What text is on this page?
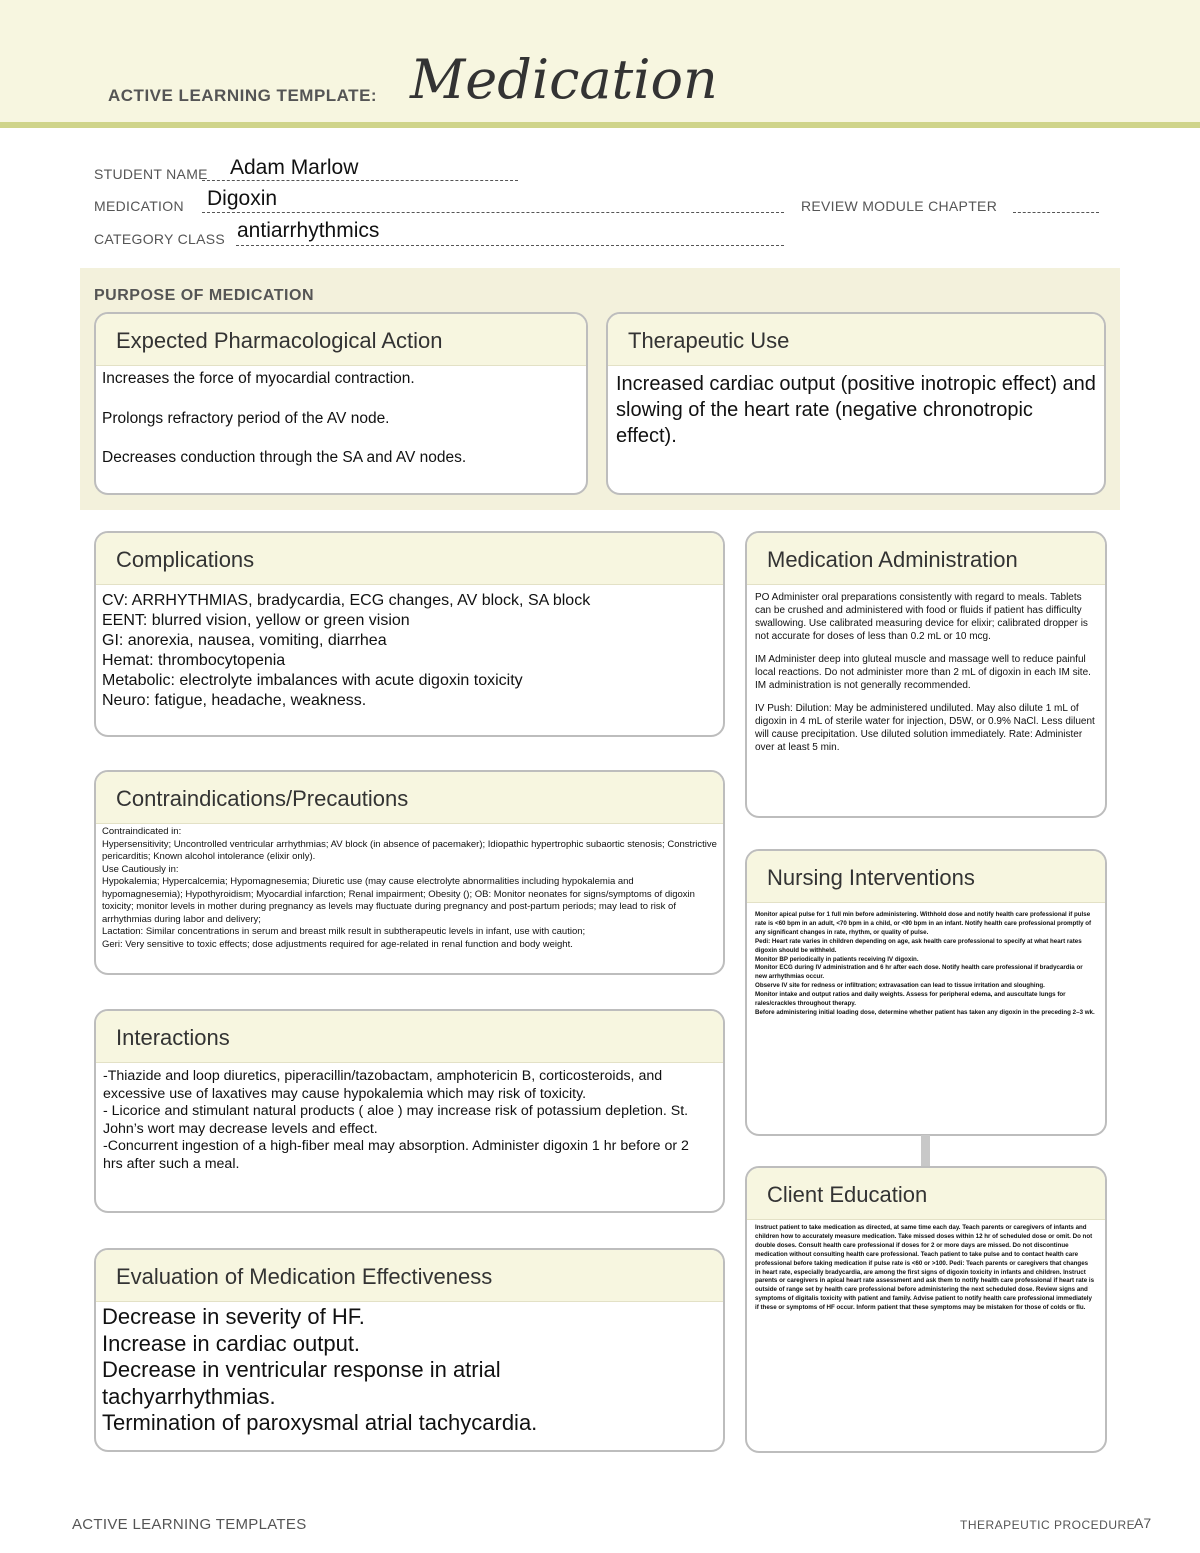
ACTIVE LEARNING TEMPLATE: Medication
STUDENT NAME Adam Marlow
MEDICATION Digoxin	REVIEW MODULE CHAPTER
CATEGORY CLASS antiarrhythmics
PURPOSE OF MEDICATION
Expected Pharmacological Action

Increases the force of myocardial contraction.

Prolongs refractory period of the AV node.

Decreases conduction through the SA and AV nodes.

Therapeutic Use
Increased cardiac output (positive inotropic effect) and slowing of the heart rate (negative chronotropic effect).
Complications
CV: ARRHYTHMIAS, bradycardia, ECG changes, AV block, SA block
EENT: blurred vision, yellow or green vision
GI: anorexia, nausea, vomiting, diarrhea
Hemat: thrombocytopenia
Metabolic: electrolyte imbalances with acute digoxin toxicity
Neuro: fatigue, headache, weakness.
Medication Administration

PO Administer oral preparations consistently with regard to meals. Tablets can be crushed and administered with food or fluids if patient has difficulty swallowing. Use calibrated measuring device for elixir; calibrated dropper is not accurate for doses of less than 0.2 mL or 10 mcg.

IM Administer deep into gluteal muscle and massage well to reduce painful local reactions. Do not administer more than 2 mL of digoxin in each IM site. IM administration is not generally recommended.

IV Push: Dilution: May be administered undiluted. May also dilute 1 mL of digoxin in 4 mL of sterile water for injection, D5W, or 0.9% NaCl. Less diluent will cause precipitation. Use diluted solution immediately. Rate: Administer over at least 5 min.

Contraindications/Precautions
Contraindicated in:
Hypersensitivity; Uncontrolled ventricular arrhythmias; AV block (in absence of pacemaker); Idiopathic hypertrophic subaortic stenosis; Constrictive pericarditis; Known alcohol intolerance (elixir only).
Use Cautiously in:
Hypokalemia; Hypercalcemia; Hypomagnesemia; Diuretic use (may cause electrolyte abnormalities including hypokalemia and hypomagnesemia); Hypothyroidism; Myocardial infarction; Renal impairment; Obesity (); OB: Monitor neonates for signs/symptoms of digoxin toxicity; monitor levels in mother during pregnancy as levels may fluctuate during pregnancy and post-partum periods; may lead to risk of arrhythmias during labor and delivery;
Lactation: Similar concentrations in serum and breast milk result in subtherapeutic levels in infant, use with caution;
Geri: Very sensitive to toxic effects; dose adjustments required for age-related in renal function and body weight.
Nursing Interventions
Monitor apical pulse for 1 full min before administering. Withhold dose and notify health care professional if pulse rate is <60 bpm in an adult, <70 bpm in a child, or <90 bpm in an infant. Notify health care professional promptly of any significant changes in rate, rhythm, or quality of pulse.
Pedi: Heart rate varies in children depending on age, ask health care professional to specify at what heart rates digoxin should be withheld.
Monitor BP periodically in patients receiving IV digoxin.
Monitor ECG during IV administration and 6 hr after each dose. Notify health care professional if bradycardia or new arrhythmias occur.
Observe IV site for redness or infiltration; extravasation can lead to tissue irritation and sloughing.
Monitor intake and output ratios and daily weights. Assess for peripheral edema, and auscultate lungs for rales/crackles throughout therapy.
Before administering initial loading dose, determine whether patient has taken any digoxin in the preceding 2–3 wk.
Interactions
-Thiazide and loop diuretics, piperacillin/tazobactam, amphotericin B, corticosteroids, and excessive use of laxatives may cause hypokalemia which may risk of toxicity.
- Licorice and stimulant natural products ( aloe ) may increase risk of potassium depletion. St. John’s wort may decrease levels and effect.
-Concurrent ingestion of a high-fiber meal may absorption. Administer digoxin 1 hr before or 2 hrs after such a meal.
Client Education
Instruct patient to take medication as directed, at same time each day. Teach parents or caregivers of infants and children how to accurately measure medication. Take missed doses within 12 hr of scheduled dose or omit. Do not double doses. Consult health care professional if doses for 2 or more days are missed. Do not discontinue medication without consulting health care professional. Teach patient to take pulse and to contact health care professional before taking medication if pulse rate is <60 or >100. Pedi: Teach parents or caregivers that changes in heart rate, especially bradycardia, are among the first signs of digoxin toxicity in infants and children. Instruct parents or caregivers in apical heart rate assessment and ask them to notify health care professional if heart rate is outside of range set by health care professional before administering the next scheduled dose. Review signs and symptoms of digitalis toxicity with patient and family. Advise patient to notify health care professional immediately if these or symptoms of HF occur. Inform patient that these symptoms may be mistaken for those of colds or flu.
Evaluation of Medication Effectiveness
Decrease in severity of HF.
Increase in cardiac output.
Decrease in ventricular response in atrial tachyarrhythmias.
Termination of paroxysmal atrial tachycardia.
ACTIVE LEARNING TEMPLATES	THERAPEUTIC PROCEDURE
A7
